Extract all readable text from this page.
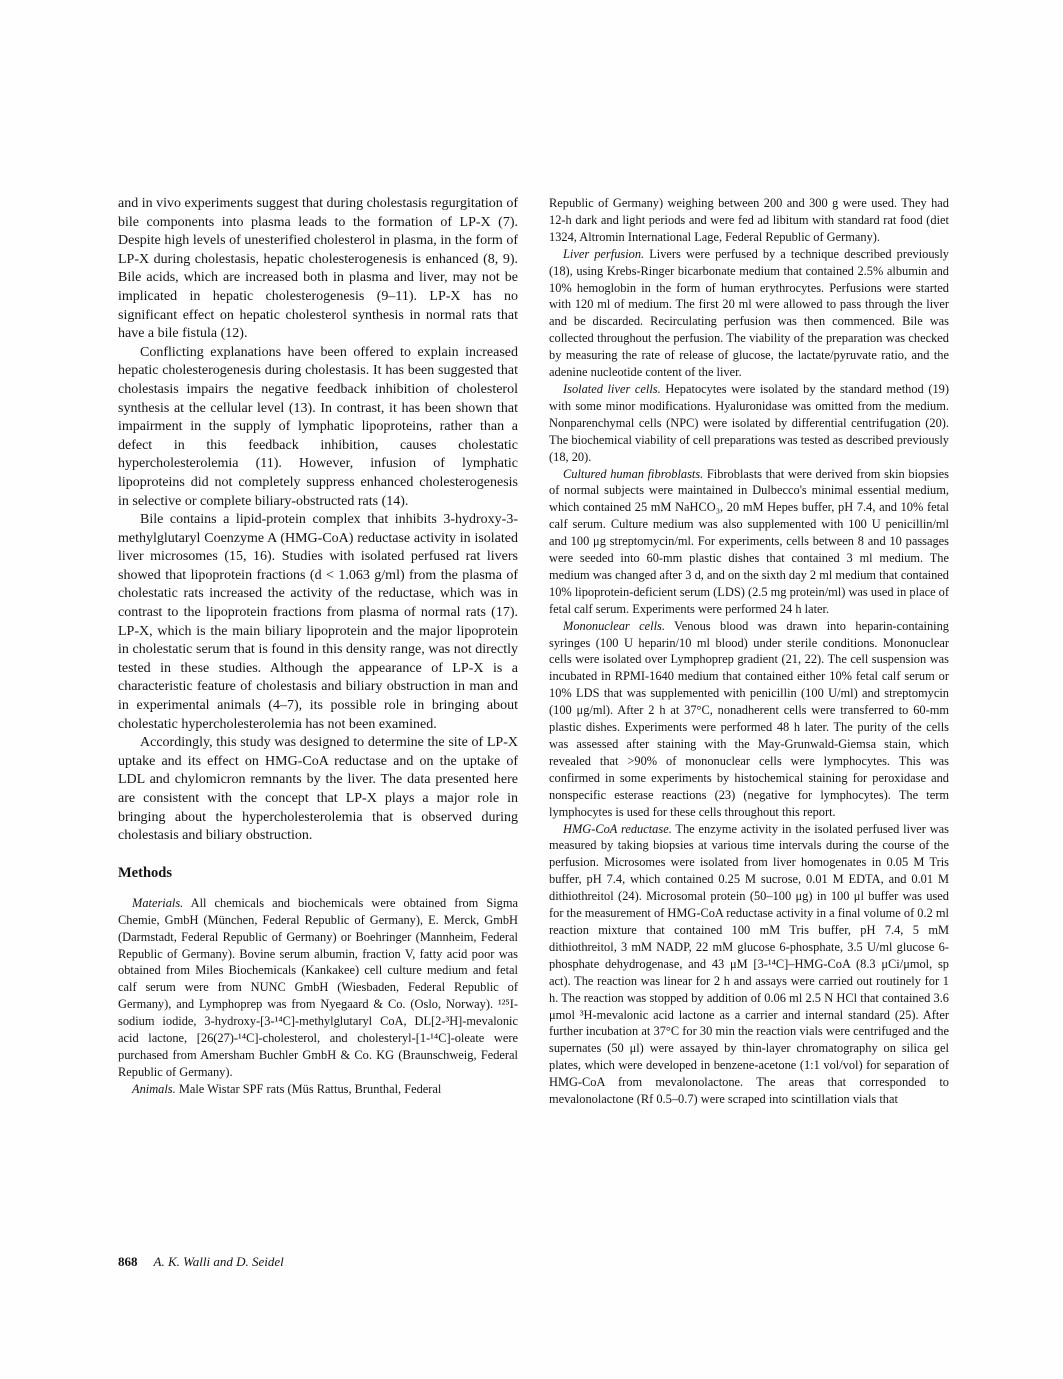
and in vivo experiments suggest that during cholestasis regurgitation of bile components into plasma leads to the formation of LP-X (7). Despite high levels of unesterified cholesterol in plasma, in the form of LP-X during cholestasis, hepatic cholesterogenesis is enhanced (8, 9). Bile acids, which are increased both in plasma and liver, may not be implicated in hepatic cholesterogenesis (9–11). LP-X has no significant effect on hepatic cholesterol synthesis in normal rats that have a bile fistula (12).

Conflicting explanations have been offered to explain increased hepatic cholesterogenesis during cholestasis. It has been suggested that cholestasis impairs the negative feedback inhibition of cholesterol synthesis at the cellular level (13). In contrast, it has been shown that impairment in the supply of lymphatic lipoproteins, rather than a defect in this feedback inhibition, causes cholestatic hypercholesterolemia (11). However, infusion of lymphatic lipoproteins did not completely suppress enhanced cholesterogenesis in selective or complete biliary-obstructed rats (14).

Bile contains a lipid-protein complex that inhibits 3-hydroxy-3-methylglutaryl Coenzyme A (HMG-CoA) reductase activity in isolated liver microsomes (15, 16). Studies with isolated perfused rat livers showed that lipoprotein fractions (d < 1.063 g/ml) from the plasma of cholestatic rats increased the activity of the reductase, which was in contrast to the lipoprotein fractions from plasma of normal rats (17). LP-X, which is the main biliary lipoprotein and the major lipoprotein in cholestatic serum that is found in this density range, was not directly tested in these studies. Although the appearance of LP-X is a characteristic feature of cholestasis and biliary obstruction in man and in experimental animals (4–7), its possible role in bringing about cholestatic hypercholesterolemia has not been examined.

Accordingly, this study was designed to determine the site of LP-X uptake and its effect on HMG-CoA reductase and on the uptake of LDL and chylomicron remnants by the liver. The data presented here are consistent with the concept that LP-X plays a major role in bringing about the hypercholesterolemia that is observed during cholestasis and biliary obstruction.

Methods

Materials. All chemicals and biochemicals were obtained from Sigma Chemie, GmbH (München, Federal Republic of Germany), E. Merck, GmbH (Darmstadt, Federal Republic of Germany) or Boehringer (Mannheim, Federal Republic of Germany). Bovine serum albumin, fraction V, fatty acid poor was obtained from Miles Biochemicals (Kankakee) cell culture medium and fetal calf serum were from NUNC GmbH (Wiesbaden, Federal Republic of Germany), and Lymphoprep was from Nyegaard & Co. (Oslo, Norway). ¹²⁵I-sodium iodide, 3-hydroxy-[3-¹⁴C]-methylglutaryl CoA, DL[2-³H]-mevalonic acid lactone, [26(27)-¹⁴C]-cholesterol, and cholesteryl-[1-¹⁴C]-oleate were purchased from Amersham Buchler GmbH & Co. KG (Braunschweig, Federal Republic of Germany).

Animals. Male Wistar SPF rats (Müs Rattus, Brunthal, Federal

Republic of Germany) weighing between 200 and 300 g were used. They had 12-h dark and light periods and were fed ad libitum with standard rat food (diet 1324, Altromin International Lage, Federal Republic of Germany).

Liver perfusion. Livers were perfused by a technique described previously (18), using Krebs-Ringer bicarbonate medium that contained 2.5% albumin and 10% hemoglobin in the form of human erythrocytes. Perfusions were started with 120 ml of medium. The first 20 ml were allowed to pass through the liver and be discarded. Recirculating perfusion was then commenced. Bile was collected throughout the perfusion. The viability of the preparation was checked by measuring the rate of release of glucose, the lactate/pyruvate ratio, and the adenine nucleotide content of the liver.

Isolated liver cells. Hepatocytes were isolated by the standard method (19) with some minor modifications. Hyaluronidase was omitted from the medium. Nonparenchymal cells (NPC) were isolated by differential centrifugation (20). The biochemical viability of cell preparations was tested as described previously (18, 20).

Cultured human fibroblasts. Fibroblasts that were derived from skin biopsies of normal subjects were maintained in Dulbecco's minimal essential medium, which contained 25 mM NaHCO₃, 20 mM Hepes buffer, pH 7.4, and 10% fetal calf serum. Culture medium was also supplemented with 100 U penicillin/ml and 100 μg streptomycin/ml. For experiments, cells between 8 and 10 passages were seeded into 60-mm plastic dishes that contained 3 ml medium. The medium was changed after 3 d, and on the sixth day 2 ml medium that contained 10% lipoprotein-deficient serum (LDS) (2.5 mg protein/ml) was used in place of fetal calf serum. Experiments were performed 24 h later.

Mononuclear cells. Venous blood was drawn into heparin-containing syringes (100 U heparin/10 ml blood) under sterile conditions. Mononuclear cells were isolated over Lymphoprep gradient (21, 22). The cell suspension was incubated in RPMI-1640 medium that contained either 10% fetal calf serum or 10% LDS that was supplemented with penicillin (100 U/ml) and streptomycin (100 μg/ml). After 2 h at 37°C, nonadherent cells were transferred to 60-mm plastic dishes. Experiments were performed 48 h later. The purity of the cells was assessed after staining with the May-Grunwald-Giemsa stain, which revealed that >90% of mononuclear cells were lymphocytes. This was confirmed in some experiments by histochemical staining for peroxidase and nonspecific esterase reactions (23) (negative for lymphocytes). The term lymphocytes is used for these cells throughout this report.

HMG-CoA reductase. The enzyme activity in the isolated perfused liver was measured by taking biopsies at various time intervals during the course of the perfusion. Microsomes were isolated from liver homogenates in 0.05 M Tris buffer, pH 7.4, which contained 0.25 M sucrose, 0.01 M EDTA, and 0.01 M dithiothreitol (24). Microsomal protein (50–100 μg) in 100 μl buffer was used for the measurement of HMG-CoA reductase activity in a final volume of 0.2 ml reaction mixture that contained 100 mM Tris buffer, pH 7.4, 5 mM dithiothreitol, 3 mM NADP, 22 mM glucose 6-phosphate, 3.5 U/ml glucose 6-phosphate dehydrogenase, and 43 μM [3-¹⁴C]–HMG-CoA (8.3 μCi/μmol, sp act). The reaction was linear for 2 h and assays were carried out routinely for 1 h. The reaction was stopped by addition of 0.06 ml 2.5 N HCl that contained 3.6 μmol ³H-mevalonic acid lactone as a carrier and internal standard (25). After further incubation at 37°C for 30 min the reaction vials were centrifuged and the supernates (50 μl) were assayed by thin-layer chromatography on silica gel plates, which were developed in benzene-acetone (1:1 vol/vol) for separation of HMG-CoA from mevalonolactone. The areas that corresponded to mevalonolactone (Rf 0.5–0.7) were scraped into scintillation vials that

868 A. K. Walli and D. Seidel
